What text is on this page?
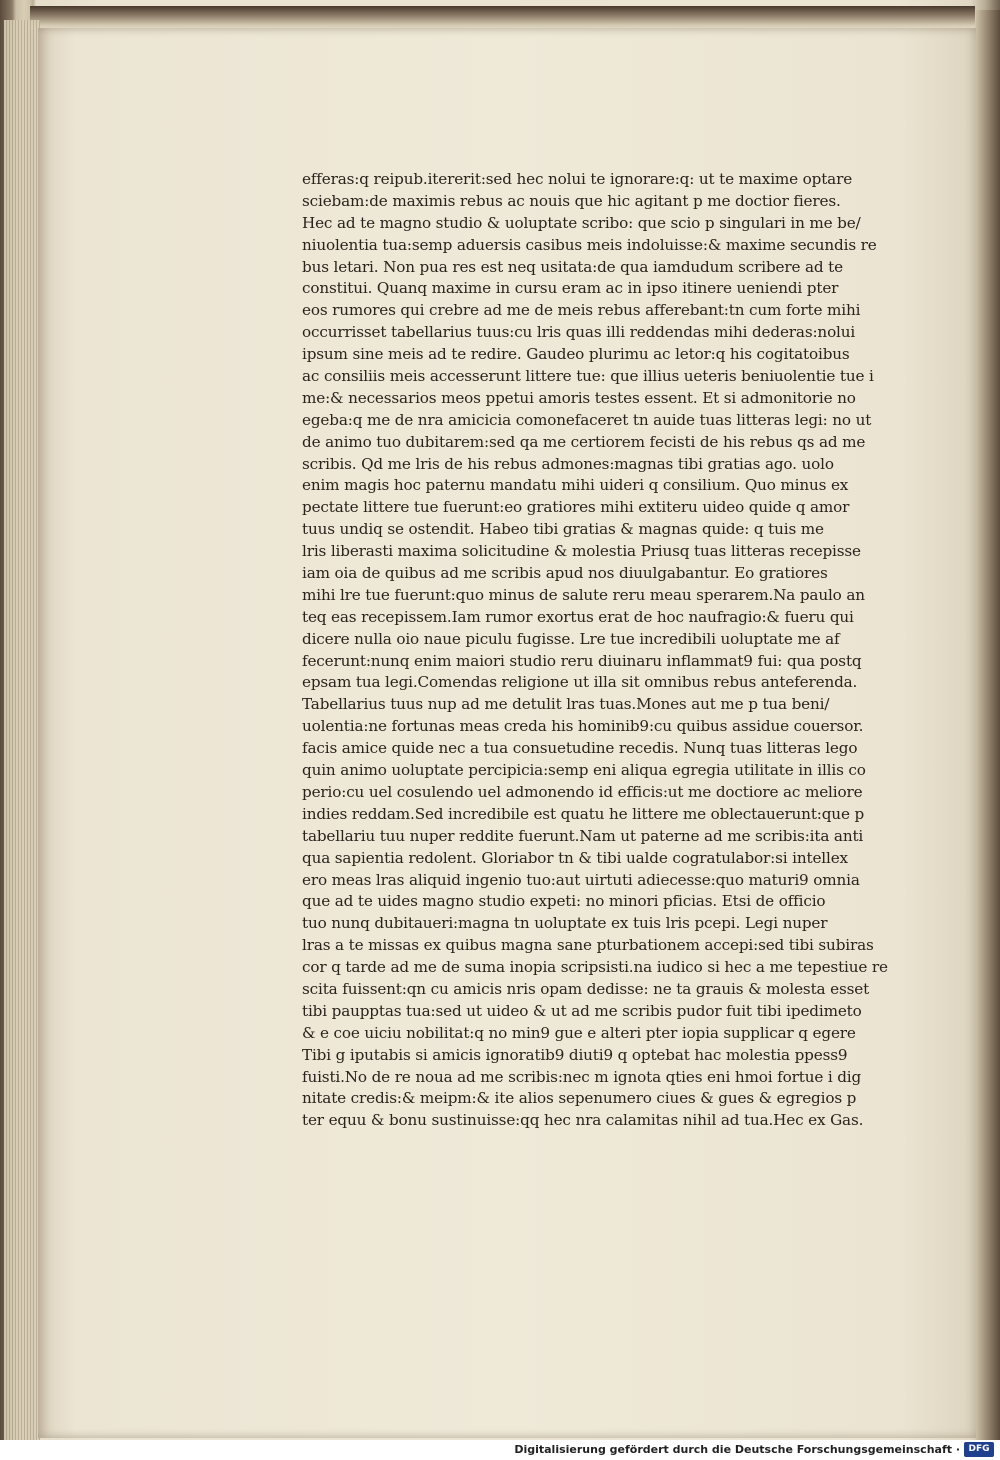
efferas:q reipub.itererit:sed hec nolui te ignorare:q: ut te maxime optare
sciebam:de maximis rebus ac nouis que hic agitant p me doctior fieres.
Hec ad te magno studio & uoluptate scribo: que scio p singulari in me be/
niuolentia tua:semp aduersis casibus meis indoluisse:& maxime secundis re
bus letari. Non pua res est neq usitata:de qua iamdudum scribere ad te
constitui. Quanq maxime in cursu eram ac in ipso itinere ueniendi pter
eos rumores qui crebre ad me de meis rebus afferebant:tn cum forte mihi
occurrisset tabellarius tuus:cu lris quas illi reddendas mihi dederas:nolui
ipsum sine meis ad te redire. Gaudeo plurimu ac letor:q his cogitatoibus
ac consiliis meis accesserunt littere tue: que illius ueteris beniuolentie tue i
me:& necessarios meos ppetui amoris testes essent. Et si admonitorie no
egeba:q me de nra amicicia comonefaceret tn auide tuas litteras legi: no ut
de animo tuo dubitarem:sed qa me certiorem fecisti de his rebus qs ad me
scribis. Qd me lris de his rebus admones:magnas tibi gratias ago. uolo
enim magis hoc paternu mandatu mihi uideri q consilium. Quo minus ex
pectate littere tue fuerunt:eo gratiores mihi extiteru uideo quide q amor
tuus undiq se ostendit. Habeo tibi gratias & magnas quide: q tuis me
lris liberasti maxima solicitudine & molestia Priusq tuas litteras recepisse
iam oia de quibus ad me scribis apud nos diuulgabantur. Eo gratiores
mihi lre tue fuerunt:quo minus de salute reru meau sperarem.Na paulo an
teq eas recepissem.Iam rumor exortus erat de hoc naufragio:& fueru qui
dicere nulla oio naue piculu fugisse. Lre tue incredibili uoluptate me af
fecerunt:nunq enim maiori studio reru diuinaru inflammat9 fui: qua postq
epsam tua legi.Comendas religione ut illa sit omnibus rebus anteferenda.
Tabellarius tuus nup ad me detulit lras tuas.Mones aut me p tua beni/
uolentia:ne fortunas meas creda his hominib9:cu quibus assidue couersor.
facis amice quide nec a tua consuetudine recedis. Nunq tuas litteras lego
quin animo uoluptate percipicia:semp eni aliqua egregia utilitate in illis co
perio:cu uel cosulendo uel admonendo id efficis:ut me doctiore ac meliore
indies reddam.Sed incredibile est quatu he littere me oblectauerunt:que p
tabellariu tuu nuper reddite fuerunt.Nam ut paterne ad me scribis:ita anti
qua sapientia redolent. Gloriabor tn & tibi ualde cogratulabor:si intellex
ero meas lras aliquid ingenio tuo:aut uirtuti adiecesse:quo maturi9 omnia
que ad te uides magno studio expeti: no minori pficias. Etsi de officio
tuo nunq dubitaueri:magna tn uoluptate ex tuis lris pcepi. Legi nuper
lras a te missas ex quibus magna sane pturbationem accepi:sed tibi subiras
cor q tarde ad me de suma inopia scripsisti.na iudico si hec a me tepestiue re
scita fuissent:qn cu amicis nris opam dedisse: ne ta grauis & molesta esset
tibi paupptas tua:sed ut uideo & ut ad me scribis pudor fuit tibi ipedimeto
& e coe uiciu nobilitat:q no min9 gue e alteri pter iopia supplicar q egere
Tibi g iputabis si amicis ignoratib9 diuti9 q optebat hac molestia ppess9
fuisti.No de re noua ad me scribis:nec m ignota qties eni hmoi fortue i dig
nitate credis:& meipm:& ite alios sepenumero ciues & gues & egregios p
ter equu & bonu sustinuisse:qq hec nra calamitas nihil ad tua.Hec ex Gas.
Digitalisierung gefördert durch die Deutsche Forschungsgemeinschaft · DFG
